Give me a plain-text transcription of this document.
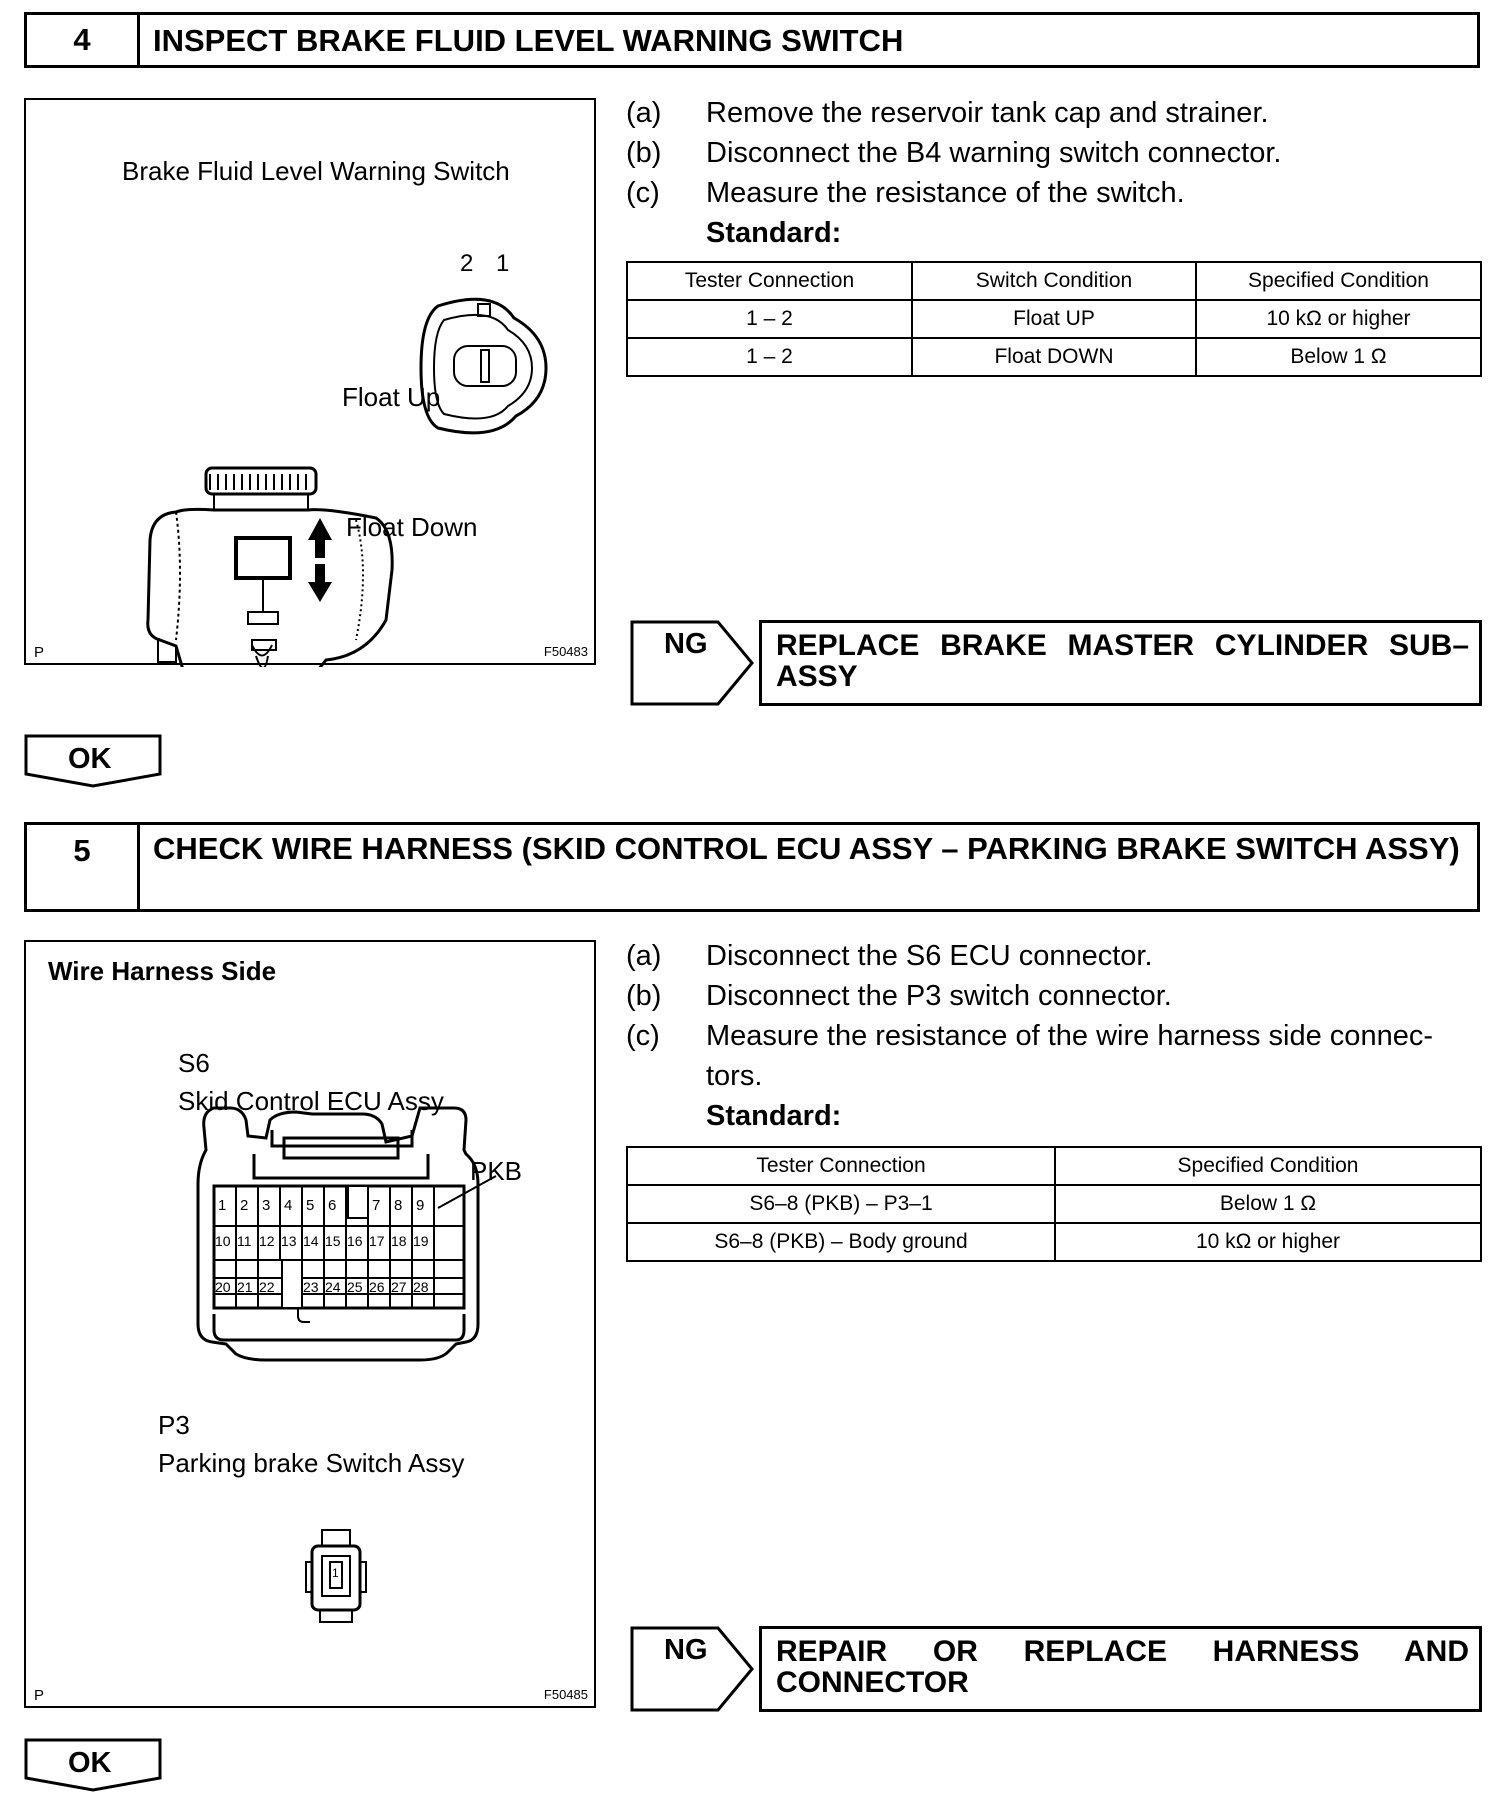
4	INSPECT BRAKE FLUID LEVEL WARNING SWITCH
Brake Fluid Level Warning Switch
2 1
Float Up
Float Down
P	F50483
(a)	Remove the reservoir tank cap and strainer.
(b)	Disconnect the B4 warning switch connector.
(c)	Measure the resistance of the switch.
Standard:
Tester Connection	Switch Condition	Specified Condition
1 – 2	Float UP	10 kΩ or higher
1 – 2	Float DOWN	Below 1 Ω
NG	REPLACE BRAKE MASTER CYLINDER SUB–ASSY
OK
5	CHECK WIRE HARNESS (SKID CONTROL ECU ASSY – PARKING BRAKE SWITCH ASSY)
Wire Harness Side
S6
Skid Control ECU Assy
PKB
1 2 3 4 5 6 7 8 9
10 11 12 13 14 15 16 17 18 19
20 21 22 23 24 25 26 27 28
P3
Parking brake Switch Assy
1
P	F50485
(a)	Disconnect the S6 ECU connector.
(b)	Disconnect the P3 switch connector.
(c)	Measure the resistance of the wire harness side connec-tors.
Standard:
Tester Connection	Specified Condition
S6–8 (PKB) – P3–1	Below 1 Ω
S6–8 (PKB) – Body ground	10 kΩ or higher
NG	REPAIR OR REPLACE HARNESS AND CONNECTOR
OK
